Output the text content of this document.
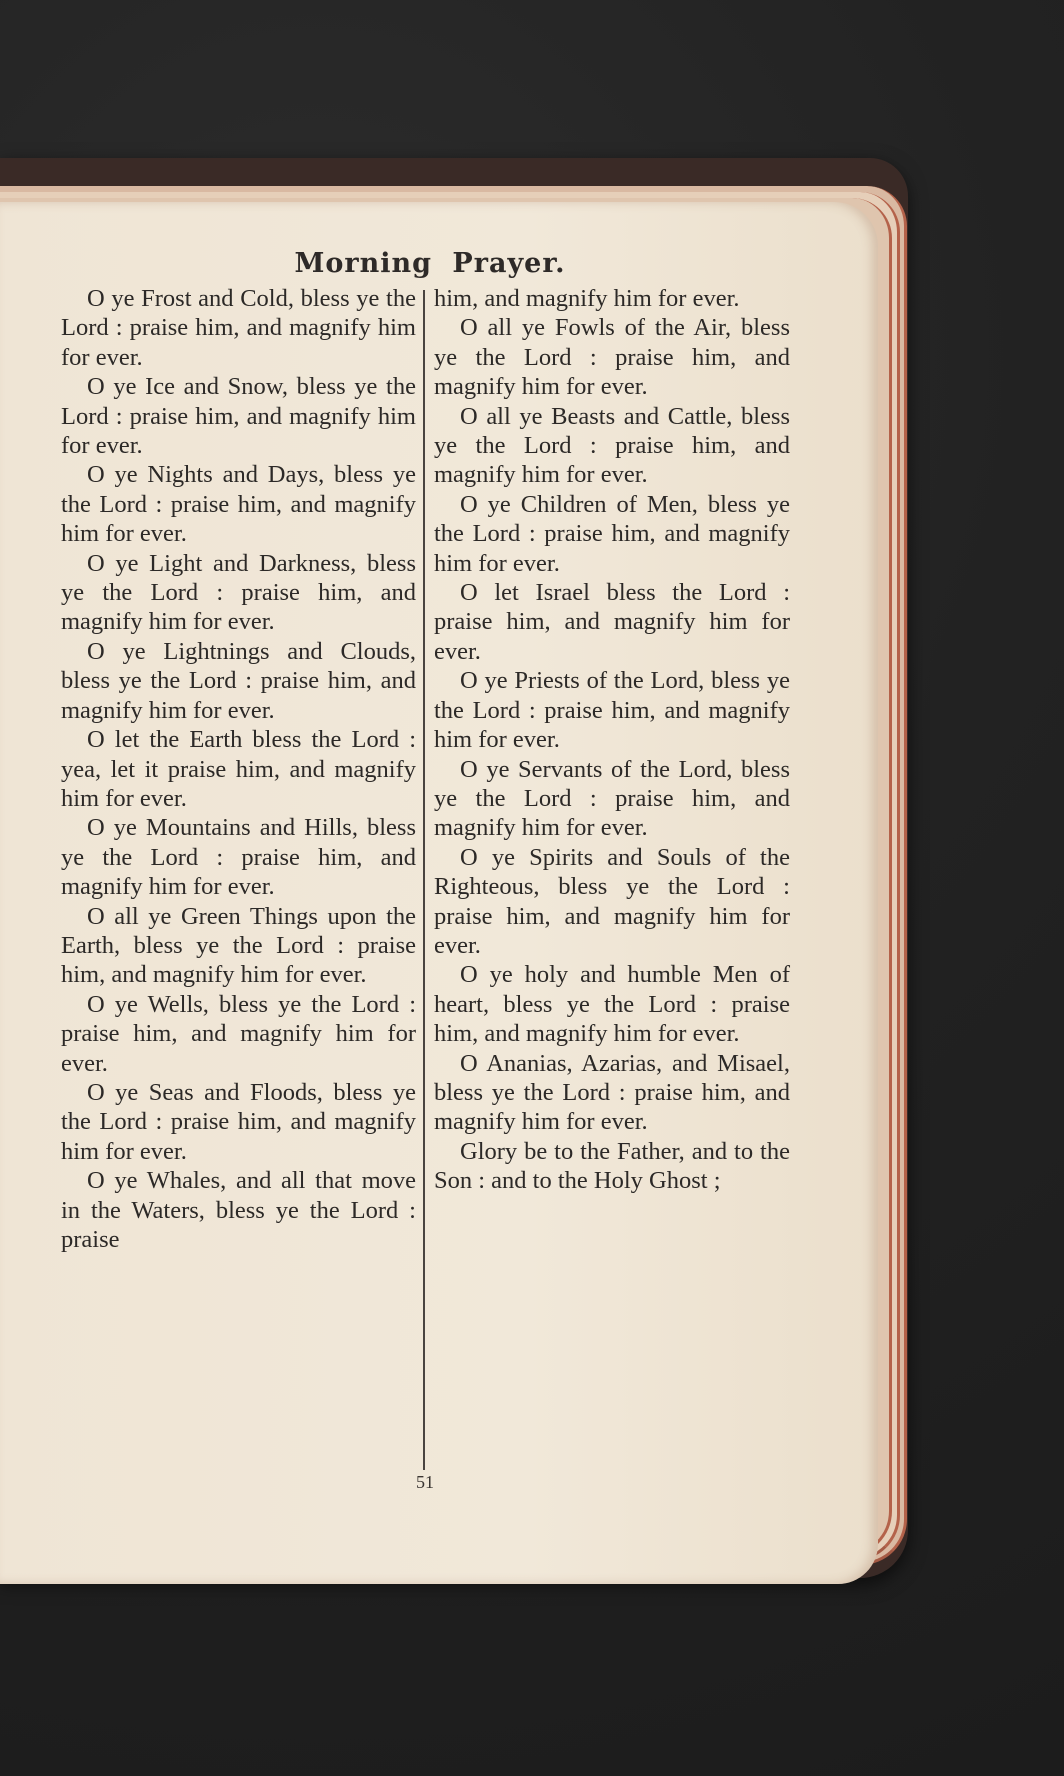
Morning Prayer.

O ye Frost and Cold, bless ye the Lord : praise him, and magnify him for ever.

O ye Ice and Snow, bless ye the Lord : praise him, and magnify him for ever.

O ye Nights and Days, bless ye the Lord : praise him, and magnify him for ever.

O ye Light and Darkness, bless ye the Lord : praise him, and magnify him for ever.

O ye Lightnings and Clouds, bless ye the Lord : praise him, and magnify him for ever.

O let the Earth bless the Lord : yea, let it praise him, and magnify him for ever.

O ye Mountains and Hills, bless ye the Lord : praise him, and magnify him for ever.

O all ye Green Things upon the Earth, bless ye the Lord : praise him, and magnify him for ever.

O ye Wells, bless ye the Lord : praise him, and magnify him for ever.

O ye Seas and Floods, bless ye the Lord : praise him, and magnify him for ever.

O ye Whales, and all that move in the Waters, bless ye the Lord : praise

him, and magnify him for ever.

O all ye Fowls of the Air, bless ye the Lord : praise him, and magnify him for ever.

O all ye Beasts and Cattle, bless ye the Lord : praise him, and magnify him for ever.

O ye Children of Men, bless ye the Lord : praise him, and magnify him for ever.

O let Israel bless the Lord : praise him, and magnify him for ever.

O ye Priests of the Lord, bless ye the Lord : praise him, and magnify him for ever.

O ye Servants of the Lord, bless ye the Lord : praise him, and magnify him for ever.

O ye Spirits and Souls of the Righteous, bless ye the Lord : praise him, and magnify him for ever.

O ye holy and humble Men of heart, bless ye the Lord : praise him, and magnify him for ever.

O Ananias, Azarias, and Misael, bless ye the Lord : praise him, and magnify him for ever.

Glory be to the Father, and to the Son : and to the Holy Ghost ;

51
